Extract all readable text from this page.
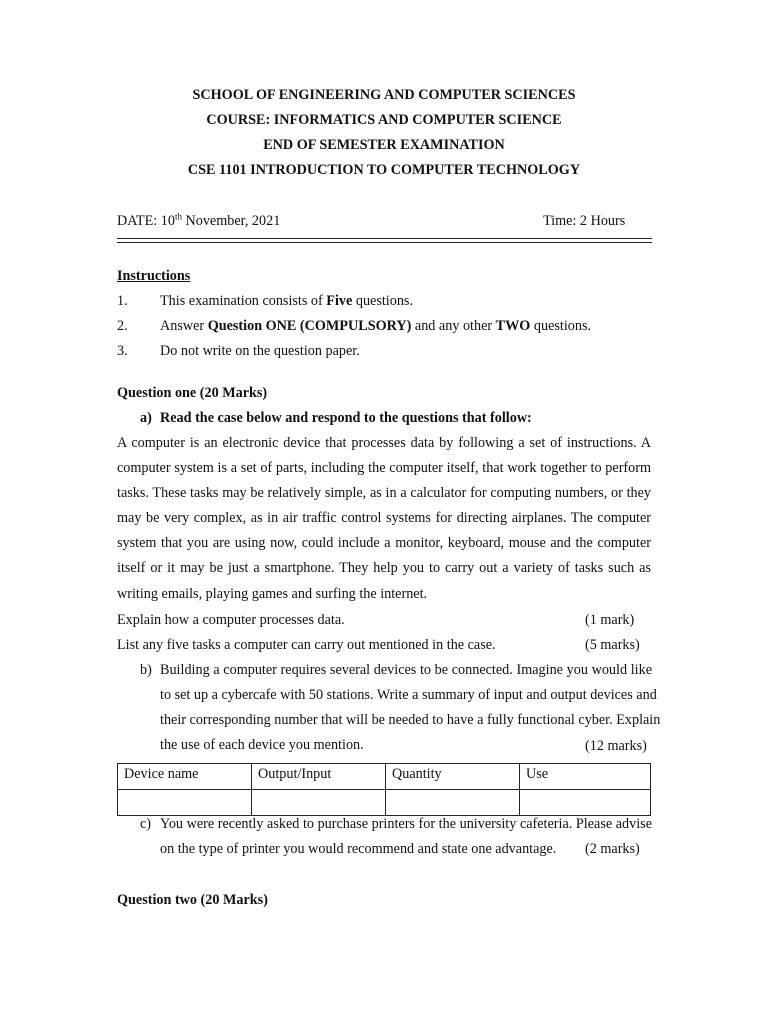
SCHOOL OF ENGINEERING AND COMPUTER SCIENCES
COURSE: INFORMATICS AND COMPUTER SCIENCE
END OF SEMESTER EXAMINATION
CSE 1101 INTRODUCTION TO COMPUTER TECHNOLOGY
DATE: 10th November, 2021	Time: 2 Hours
Instructions
1. This examination consists of Five questions.
2. Answer Question ONE (COMPULSORY) and any other TWO questions.
3. Do not write on the question paper.
Question one (20 Marks)
a) Read the case below and respond to the questions that follow:
A computer is an electronic device that processes data by following a set of instructions. A
computer system is a set of parts, including the computer itself, that work together to perform
tasks. These tasks may be relatively simple, as in a calculator for computing numbers, or they
may be very complex, as in air traffic control systems for directing airplanes. The computer
system that you are using now, could include a monitor, keyboard, mouse and the computer
itself or it may be just a smartphone. They help you to carry out a variety of tasks such as
writing emails, playing games and surfing the internet.
Explain how a computer processes data.	(1 mark)
List any five tasks a computer can carry out mentioned in the case.	(5 marks)
b) Building a computer requires several devices to be connected. Imagine you would like
to set up a cybercafe with 50 stations. Write a summary of input and output devices and
their corresponding number that will be needed to have a fully functional cyber. Explain
the use of each device you mention.	(12 marks)
Device name	Output/Input	Quantity	Use

c) You were recently asked to purchase printers for the university cafeteria. Please advise
on the type of printer you would recommend and state one advantage.	(2 marks)
Question two (20 Marks)
